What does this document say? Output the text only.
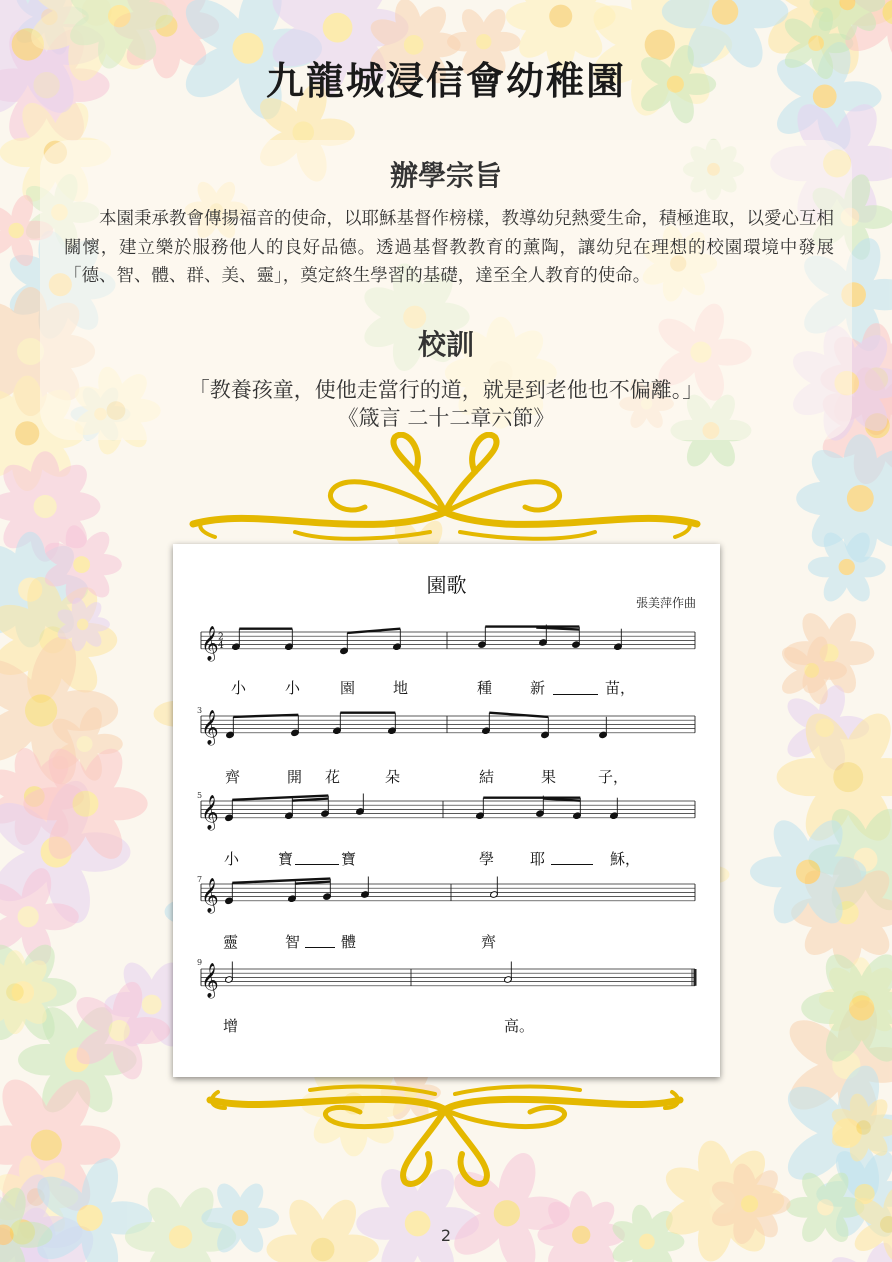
九龍城浸信會幼稚園
辦學宗旨
本園秉承教會傳揚福音的使命，以耶穌基督作榜樣，教導幼兒熱愛生命，積極進取，以愛心互相關懷，建立樂於服務他人的良好品德。透過基督教教育的薰陶，讓幼兒在理想的校園環境中發展「德、智、體、群、美、靈」，奠定終生學習的基礎，達至全人教育的使命。
校訓
「教養孩童，使他走當行的道，就是到老他也不偏離。」
《箴言 二十二章六節》
𝄞 2
4
𝄞
𝄞
𝄞
𝄞
園歌
張美萍作曲
3
5
7
9
小	小	園	地	種	新	苗，
齊	開 花	朵	結	果	子，
小	寶	寶	學 耶	穌，
靈	智	體	齊
增	高。
2
